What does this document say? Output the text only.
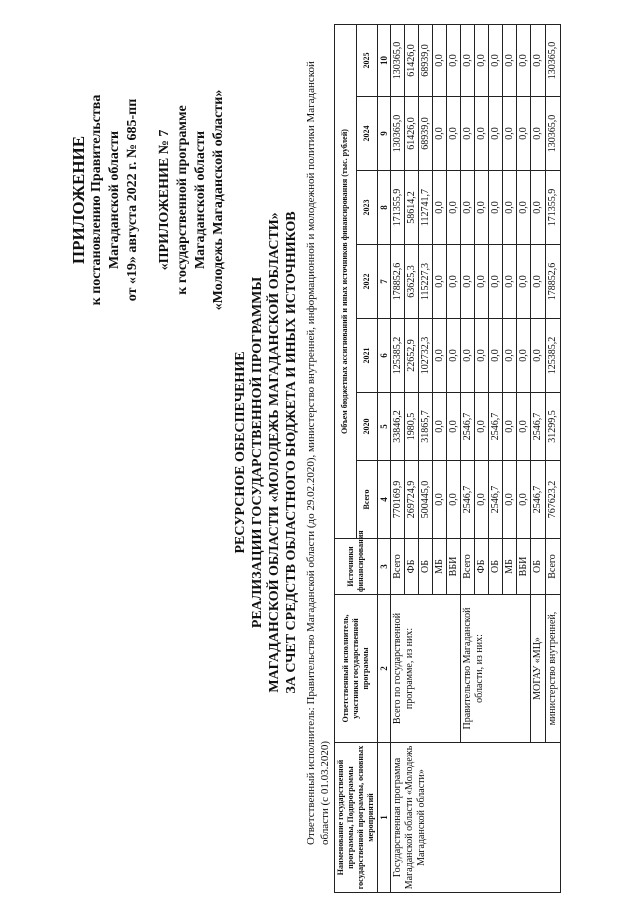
ПРИЛОЖЕНИЕ к постановлению Правительства Магаданской области от «19» августа 2022 г. № 685-пп «ПРИЛОЖЕНИЕ № 7 к государственной программе Магаданской области «Молодежь Магаданской области»
РЕСУРСНОЕ ОБЕСПЕЧЕНИЕ РЕАЛИЗАЦИИ ГОСУДАРСТВЕННОЙ ПРОГРАММЫ МАГАДАНСКОЙ ОБЛАСТИ «МОЛОДЕЖЬ МАГАДАНСКОЙ ОБЛАСТИ» ЗА СЧЕТ СРЕДСТВ ОБЛАСТНОГО БЮДЖЕТА И ИНЫХ ИСТОЧНИКОВ Ответственный исполнитель: Правительство Магаданской области (до 29.02.2020), министерство внутренней, информационной и молодежной политики Магаданской области (с 01.03.2020) Наименование государственной программы, Подпрограммы государственной программы, основных мероприятий	Ответственный исполнитель, участники государственной программы	Источники финансирования	Объем бюджетных ассигнований и иных источников финансирования (тыс. рублей)						
			Всего	2020	2021	2022	2023	2024	2025
1	2	3	4	5	6	7	8	9	10
Государственная программа Магаданской области «Молодежь Магаданской области»	Всего по государственной программе, из них:	Всего	770169,9	33846,2	125385,2	178852,6	171355,9	130365,0	130365,0
		ФБ	269724,9	1980,5	22652,9	63625,3	58614,2	61426,0	61426,0
		ОБ	500445,0	31865,7	102732,3	115227,3	112741,7	68939,0	68939,0
		МБ	0,0	0,0	0,0	0,0	0,0	0,0	0,0
		ВБИ	0,0	0,0	0,0	0,0	0,0	0,0	0,0
	Правительство Магаданской области, из них:	Всего	2546,7	2546,7	0,0	0,0	0,0	0,0	0,0
		ФБ	0,0	0,0	0,0	0,0	0,0	0,0	0,0
		ОБ	2546,7	2546,7	0,0	0,0	0,0	0,0	0,0
		МБ	0,0	0,0	0,0	0,0	0,0	0,0	0,0
		ВБИ	0,0	0,0	0,0	0,0	0,0	0,0	0,0
	МОГАУ «МЦ»	ОБ	2546,7	2546,7	0,0	0,0	0,0	0,0	0,0
	министерство внутренней,	Всего	767623,2	31299,5	125385,2	178852,6	171355,9	130365,0	130365,0
